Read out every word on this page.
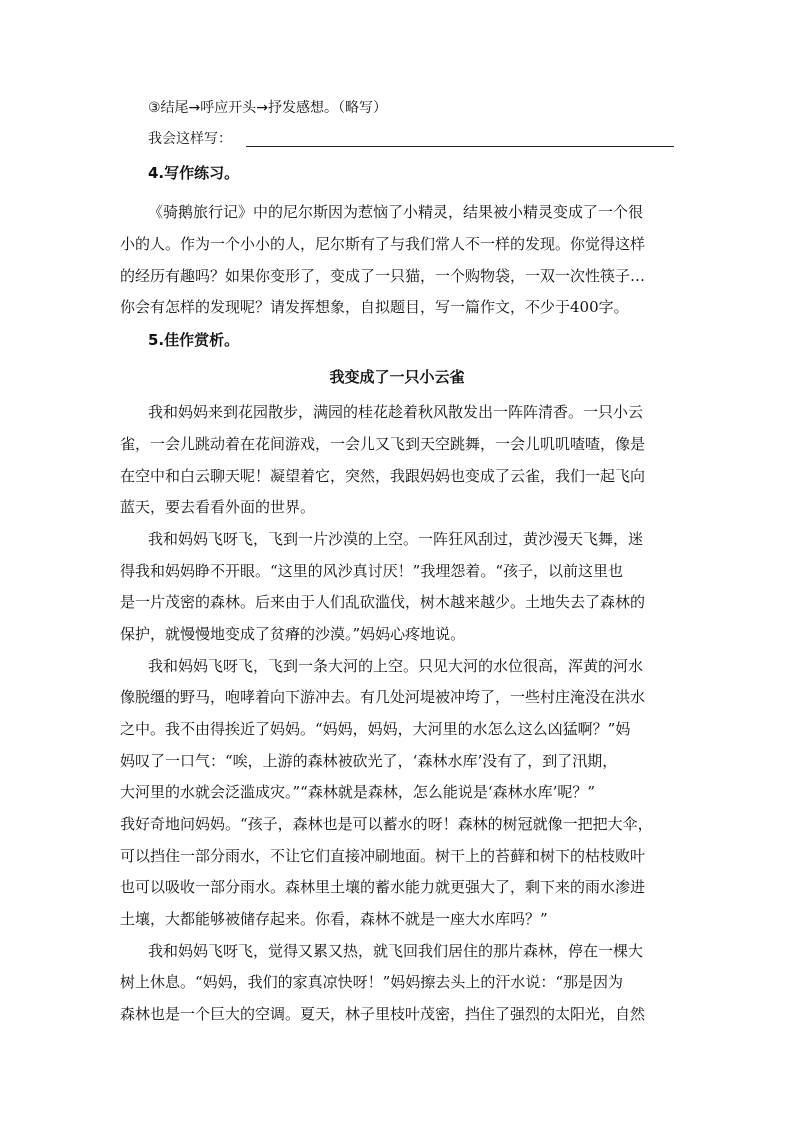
③结尾→呼应开头→抒发感想。（略写）
我会这样写：
4.写作练习。
《骑鹅旅行记》中的尼尔斯因为惹恼了小精灵，结果被小精灵变成了一个很
小的人。作为一个小小的人，尼尔斯有了与我们常人不一样的发现。你觉得这样
的经历有趣吗？如果你变形了，变成了一只猫，一个购物袋，一双一次性筷子…
你会有怎样的发现呢？请发挥想象，自拟题目，写一篇作文，不少于400字。
5.佳作赏析。
我变成了一只小云雀
我和妈妈来到花园散步，满园的桂花趁着秋风散发出一阵阵清香。一只小云
雀，一会儿跳动着在花间游戏，一会儿又飞到天空跳舞，一会儿叽叽喳喳，像是
在空中和白云聊天呢！凝望着它，突然，我跟妈妈也变成了云雀，我们一起飞向
蓝天，要去看看外面的世界。
我和妈妈飞呀飞，飞到一片沙漠的上空。一阵狂风刮过，黄沙漫天飞舞，迷
得我和妈妈睁不开眼。“这里的风沙真讨厌！”我埋怨着。“孩子，以前这里也
是一片茂密的森林。后来由于人们乱砍滥伐，树木越来越少。土地失去了森林的
保护，就慢慢地变成了贫瘠的沙漠。”妈妈心疼地说。
我和妈妈飞呀飞，飞到一条大河的上空。只见大河的水位很高，浑黄的河水
像脱缰的野马，咆哮着向下游冲去。有几处河堤被冲垮了，一些村庄淹没在洪水
之中。我不由得挨近了妈妈。“妈妈，妈妈，大河里的水怎么这么凶猛啊？”妈
妈叹了一口气：“唉，上游的森林被砍光了，‘森林水库’没有了，到了汛期，
大河里的水就会泛滥成灾。”“森林就是森林，怎么能说是‘森林水库’呢？”
我好奇地问妈妈。“孩子，森林也是可以蓄水的呀！森林的树冠就像一把把大伞，
可以挡住一部分雨水，不让它们直接冲刷地面。树干上的苔藓和树下的枯枝败叶
也可以吸收一部分雨水。森林里土壤的蓄水能力就更强大了，剩下来的雨水渗进
土壤，大都能够被储存起来。你看，森林不就是一座大水库吗？”
我和妈妈飞呀飞，觉得又累又热，就飞回我们居住的那片森林，停在一棵大
树上休息。“妈妈，我们的家真凉快呀！”妈妈擦去头上的汗水说：“那是因为
森林也是一个巨大的空调。夏天，林子里枝叶茂密，挡住了强烈的太阳光，自然
